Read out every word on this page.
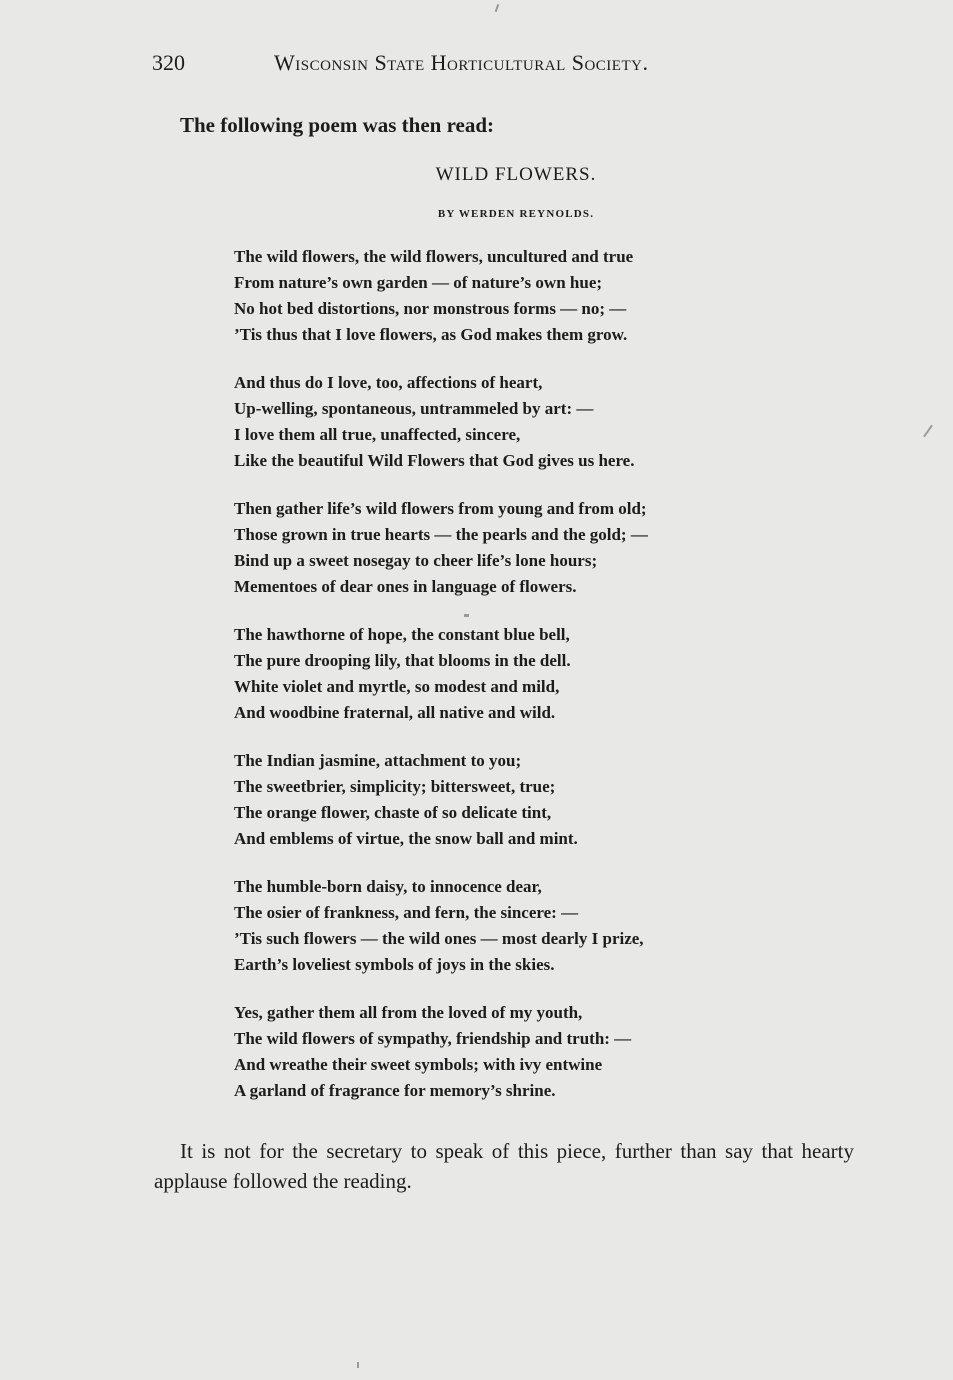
320	Wisconsin State Horticultural Society.

The following poem was then read:

WILD FLOWERS.
BY WERDEN REYNOLDS.
The wild flowers, the wild flowers, uncultured and true
From nature’s own garden — of nature’s own hue;
No hot bed distortions, nor monstrous forms — no; —
’Tis thus that I love flowers, as God makes them grow.
And thus do I love, too, affections of heart,
Up-welling, spontaneous, untrammeled by art: —
I love them all true, unaffected, sincere,
Like the beautiful Wild Flowers that God gives us here.
Then gather life’s wild flowers from young and from old;
Those grown in true hearts — the pearls and the gold; —
Bind up a sweet nosegay to cheer life’s lone hours;
Mementoes of dear ones in language of flowers.
The hawthorne of hope, the constant blue bell,
The pure drooping lily, that blooms in the dell.
White violet and myrtle, so modest and mild,
And woodbine fraternal, all native and wild.
The Indian jasmine, attachment to you;
The sweetbrier, simplicity; bittersweet, true;
The orange flower, chaste of so delicate tint,
And emblems of virtue, the snow ball and mint.
The humble-born daisy, to innocence dear,
The osier of frankness, and fern, the sincere: —
’Tis such flowers — the wild ones — most dearly I prize,
Earth’s loveliest symbols of joys in the skies.
Yes, gather them all from the loved of my youth,
The wild flowers of sympathy, friendship and truth: —
And wreathe their sweet symbols; with ivy entwine
A garland of fragrance for memory’s shrine.

It is not for the secretary to speak of this piece, further than say that hearty applause followed the reading.
